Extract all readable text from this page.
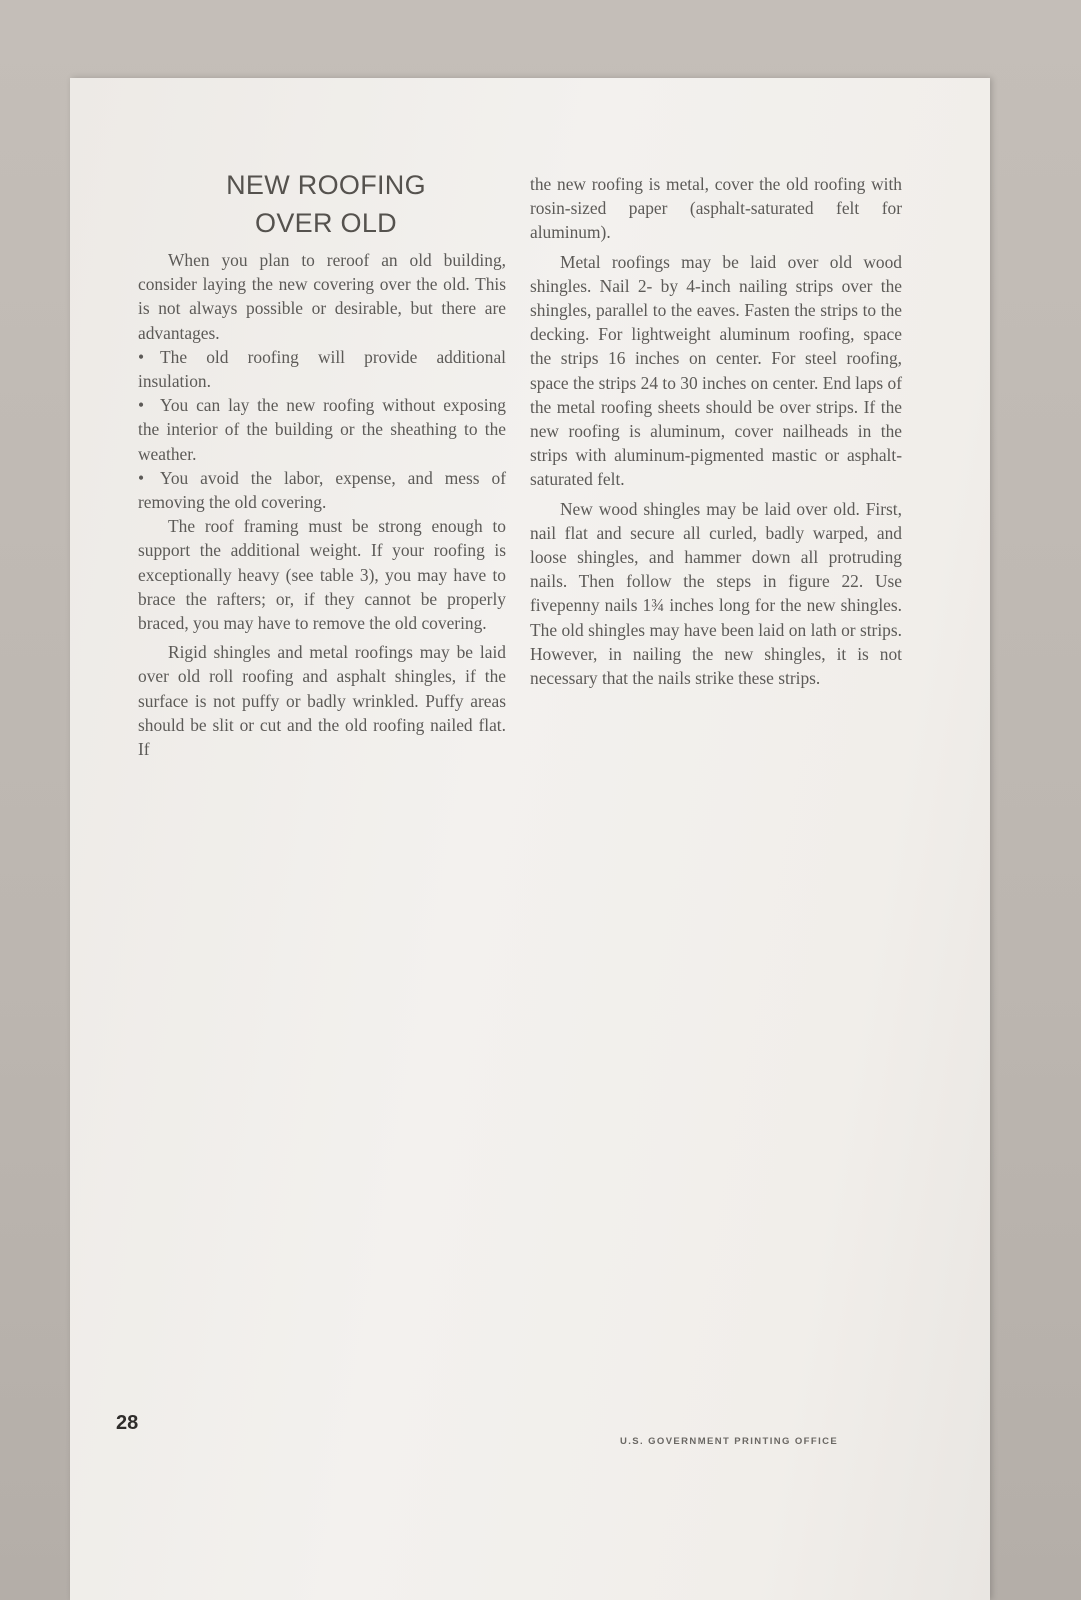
NEW ROOFING
OVER OLD

When you plan to reroof an old building, consider laying the new covering over the old. This is not always possible or desirable, but there are advantages.

• The old roofing will provide additional insulation.

• You can lay the new roofing without exposing the interior of the building or the sheathing to the weather.

• You avoid the labor, expense, and mess of removing the old covering.

The roof framing must be strong enough to support the additional weight. If your roofing is exceptionally heavy (see table 3), you may have to brace the rafters; or, if they cannot be properly braced, you may have to remove the old covering.

Rigid shingles and metal roofings may be laid over old roll roofing and asphalt shingles, if the surface is not puffy or badly wrinkled. Puffy areas should be slit or cut and the old roofing nailed flat. If

the new roofing is metal, cover the old roofing with rosin-sized paper (asphalt-saturated felt for aluminum).

Metal roofings may be laid over old wood shingles. Nail 2- by 4-inch nailing strips over the shingles, parallel to the eaves. Fasten the strips to the decking. For lightweight aluminum roofing, space the strips 16 inches on center. For steel roofing, space the strips 24 to 30 inches on center. End laps of the metal roofing sheets should be over strips. If the new roofing is aluminum, cover nailheads in the strips with aluminum-pigmented mastic or asphalt-saturated felt.

New wood shingles may be laid over old. First, nail flat and secure all curled, badly warped, and loose shingles, and hammer down all protruding nails. Then follow the steps in figure 22. Use fivepenny nails 1¾ inches long for the new shingles. The old shingles may have been laid on lath or strips. However, in nailing the new shingles, it is not necessary that the nails strike these strips.

28
U.S. GOVERNMENT PRINTING OFFICE
